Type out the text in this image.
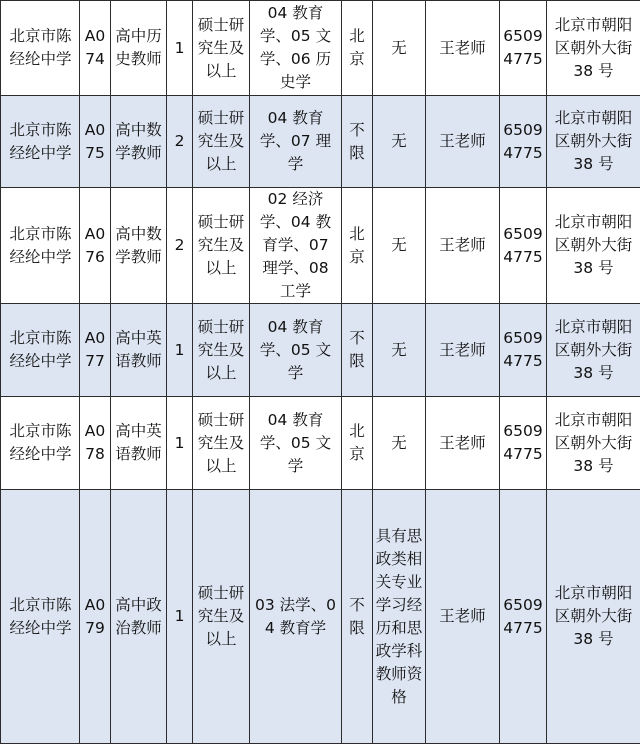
北京市陈经纶中学	A074	高中历史教师	1	硕士研究生及以上	04 教育学、05 文学、06 历史学	北京	无	王老师	65094775	北京市朝阳区朝外大街 38 号
北京市陈经纶中学	A075	高中数学教师	2	硕士研究生及以上	04 教育学、07 理学	不限	无	王老师	65094775	北京市朝阳区朝外大街 38 号
北京市陈经纶中学	A076	高中数学教师	2	硕士研究生及以上	02 经济学、04 教育学、07 理学、08 工学	北京	无	王老师	65094775	北京市朝阳区朝外大街 38 号
北京市陈经纶中学	A077	高中英语教师	1	硕士研究生及以上	04 教育学、05 文学	不限	无	王老师	65094775	北京市朝阳区朝外大街 38 号
北京市陈经纶中学	A078	高中英语教师	1	硕士研究生及以上	04 教育学、05 文学	北京	无	王老师	65094775	北京市朝阳区朝外大街 38 号
北京市陈经纶中学	A079	高中政治教师	1	硕士研究生及以上	03 法学、04 教育学	不限	具有思政类相关专业学习经历和思政学科教师资格	王老师	65094775	北京市朝阳区朝外大街 38 号
